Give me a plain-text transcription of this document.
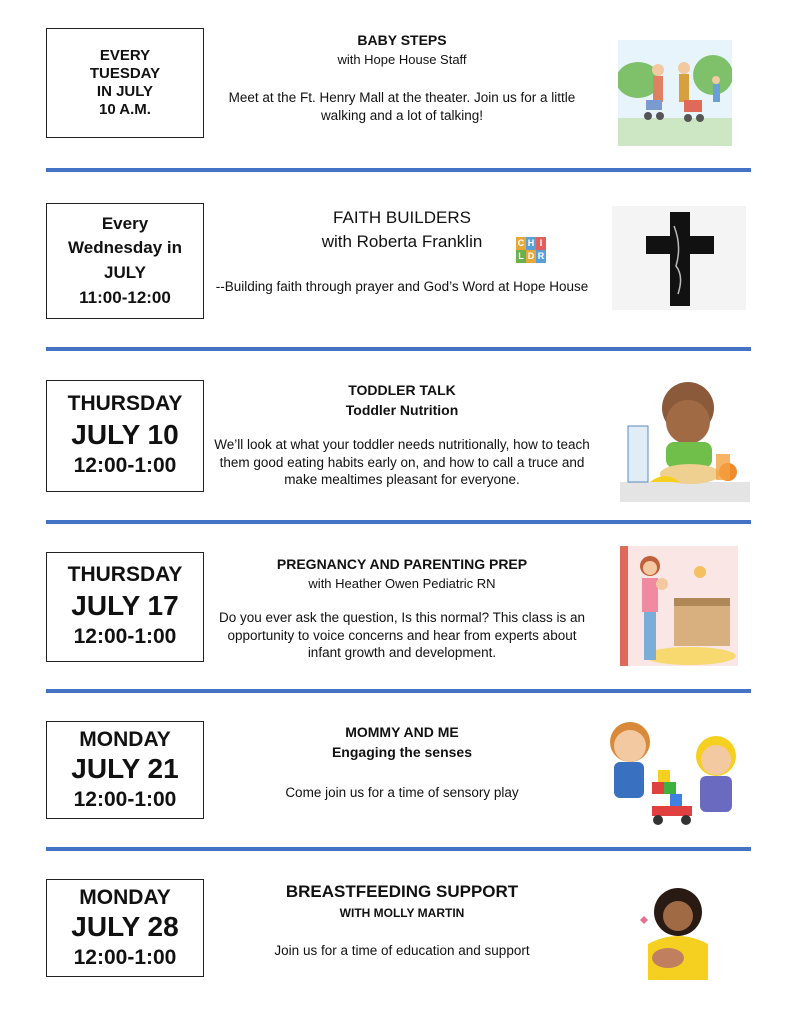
EVERY
TUESDAY
IN JULY
10 A.M.
BABY STEPS
with Hope House Staff
Meet at the Ft. Henry Mall at the theater. Join us for a little walking and a lot of talking!
Every
Wednesday in
JULY
11:00-12:00
FAITH BUILDERS
with Roberta Franklin
--Building faith through prayer and God’s Word at Hope House
C H I
L D R
THURSDAY
JULY 10
12:00-1:00
TODDLER TALK
Toddler Nutrition
We’ll look at what your toddler needs nutritionally, how to teach them good eating habits early on, and how to call a truce and make mealtimes pleasant for everyone.
THURSDAY
JULY 17
12:00-1:00
PREGNANCY AND PARENTING PREP
with Heather Owen Pediatric RN
Do you ever ask the question, Is this normal? This class is an opportunity to voice concerns and hear from experts about infant growth and development.
MONDAY
JULY 21
12:00-1:00
MOMMY AND ME
Engaging the senses
Come join us for a time of sensory play
MONDAY
JULY 28
12:00-1:00
BREASTFEEDING SUPPORT
WITH MOLLY MARTIN
Join us for a time of education and support
